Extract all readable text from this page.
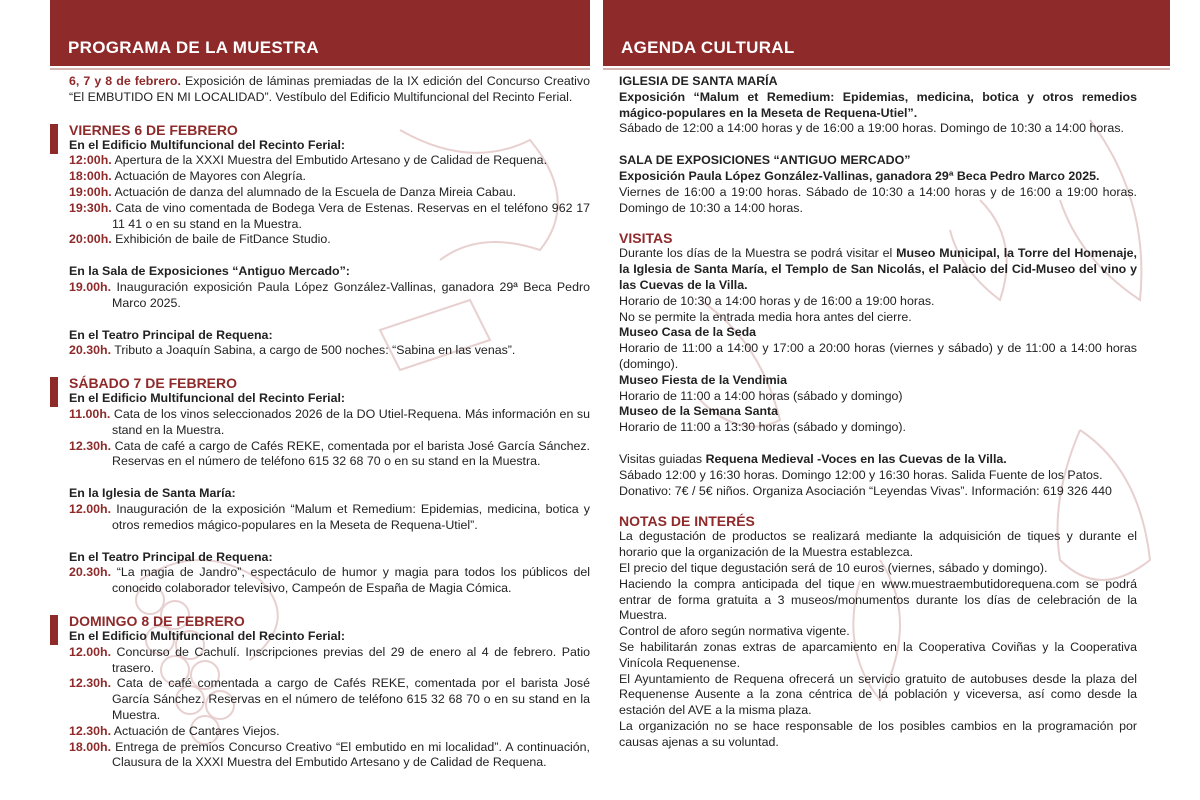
PROGRAMA DE LA MUESTRA

6, 7 y 8 de febrero. Exposición de láminas premiadas de la IX edición del Concurso Creativo “El EMBUTIDO EN MI LOCALIDAD”. Vestíbulo del Edificio Multifuncional del Recinto Ferial.

VIERNES 6 DE FEBRERO

En el Edificio Multifuncional del Recinto Ferial:

12:00h. Apertura de la XXXI Muestra del Embutido Artesano y de Calidad de Requena.

18:00h. Actuación de Mayores con Alegría.

19:00h. Actuación de danza del alumnado de la Escuela de Danza Mireia Cabau.

19:30h. Cata de vino comentada de Bodega Vera de Estenas. Reservas en el teléfono 962 17 11 41 o en su stand en la Muestra.

20:00h. Exhibición de baile de FitDance Studio.

En la Sala de Exposiciones “Antiguo Mercado”:

19.00h. Inauguración exposición Paula López González-Vallinas, ganadora 29ª Beca Pedro Marco 2025.

En el Teatro Principal de Requena:

20.30h. Tributo a Joaquín Sabina, a cargo de 500 noches: “Sabina en las venas”.

SÁBADO 7 DE FEBRERO

En el Edificio Multifuncional del Recinto Ferial:

11.00h. Cata de los vinos seleccionados 2026 de la DO Utiel-Requena. Más información en su stand en la Muestra.

12.30h. Cata de café a cargo de Cafés REKE, comentada por el barista José García Sánchez. Reservas en el número de teléfono 615 32 68 70 o en su stand en la Muestra.

En la Iglesia de Santa María:

12.00h. Inauguración de la exposición “Malum et Remedium: Epidemias, medicina, botica y otros remedios mágico-populares en la Meseta de Requena-Utiel”.

En el Teatro Principal de Requena:

20.30h. “La magia de Jandro”, espectáculo de humor y magia para todos los públicos del conocido colaborador televisivo, Campeón de España de Magia Cómica.

DOMINGO 8 DE FEBRERO

En el Edificio Multifuncional del Recinto Ferial:

12.00h. Concurso de Cachulí. Inscripciones previas del 29 de enero al 4 de febrero. Patio trasero.

12.30h. Cata de café comentada a cargo de Cafés REKE, comentada por el barista José García Sánchez. Reservas en el número de teléfono 615 32 68 70 o en su stand en la Muestra.

12.30h. Actuación de Cantares Viejos.

18.00h. Entrega de premios Concurso Creativo “El embutido en mi localidad”. A continuación, Clausura de la XXXI Muestra del Embutido Artesano y de Calidad de Requena.

AGENDA CULTURAL

IGLESIA DE SANTA MARÍA

Exposición “Malum et Remedium: Epidemias, medicina, botica y otros remedios mágico-populares en la Meseta de Requena-Utiel”.

Sábado de 12:00 a 14:00 horas y de 16:00 a 19:00 horas. Domingo de 10:30 a 14:00 horas.

SALA DE EXPOSICIONES “ANTIGUO MERCADO”

Exposición Paula López González-Vallinas, ganadora 29ª Beca Pedro Marco 2025.

Viernes de 16:00 a 19:00 horas. Sábado de 10:30 a 14:00 horas y de 16:00 a 19:00 horas. Domingo de 10:30 a 14:00 horas.

VISITAS

Durante los días de la Muestra se podrá visitar el Museo Municipal, la Torre del Homenaje, la Iglesia de Santa María, el Templo de San Nicolás, el Palacio del Cid-Museo del vino y las Cuevas de la Villa.

Horario de 10:30 a 14:00 horas y de 16:00 a 19:00 horas.

No se permite la entrada media hora antes del cierre.

Museo Casa de la Seda

Horario de 11:00 a 14:00 y 17:00 a 20:00 horas (viernes y sábado) y de 11:00 a 14:00 horas (domingo).

Museo Fiesta de la Vendimia

Horario de 11:00 a 14:00 horas (sábado y domingo)

Museo de la Semana Santa

Horario de 11:00 a 13:30 horas (sábado y domingo).

Visitas guiadas Requena Medieval -Voces en las Cuevas de la Villa.

Sábado 12:00 y 16:30 horas. Domingo 12:00 y 16:30 horas. Salida Fuente de los Patos.

Donativo: 7€ / 5€ niños. Organiza Asociación “Leyendas Vivas”. Información: 619 326 440

NOTAS DE INTERÉS

La degustación de productos se realizará mediante la adquisición de tiques y durante el horario que la organización de la Muestra establezca.

El precio del tique degustación será de 10 euros (viernes, sábado y domingo).

Haciendo la compra anticipada del tique en www.muestraembutidorequena.com se podrá entrar de forma gratuita a 3 museos/monumentos durante los días de celebración de la Muestra.

Control de aforo según normativa vigente.

Se habilitarán zonas extras de aparcamiento en la Cooperativa Coviñas y la Cooperativa Vinícola Requenense.

El Ayuntamiento de Requena ofrecerá un servicio gratuito de autobuses desde la plaza del Requenense Ausente a la zona céntrica de la población y viceversa, así como desde la estación del AVE a la misma plaza.

La organización no se hace responsable de los posibles cambios en la programación por causas ajenas a su voluntad.
